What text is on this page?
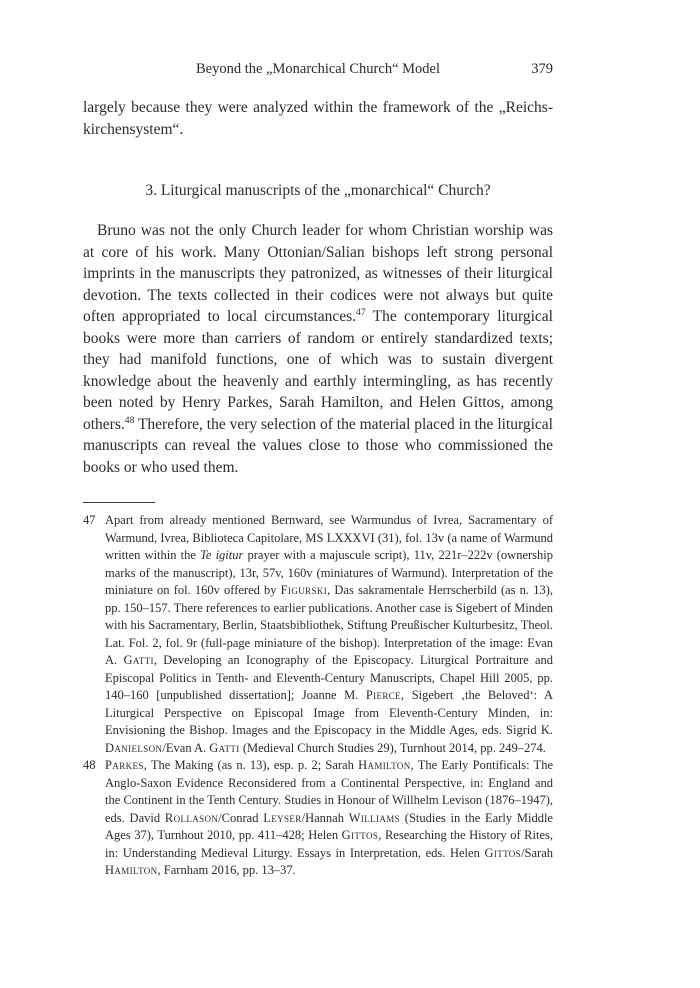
Beyond the „Monarchical Church“ Model	379

largely because they were analyzed within the framework of the „Reichskirchensystem“.

3. Liturgical manuscripts of the „monarchical“ Church?

Bruno was not the only Church leader for whom Christian worship was at core of his work. Many Ottonian/Salian bishops left strong personal imprints in the manuscripts they patronized, as witnesses of their liturgical devotion. The texts collected in their codices were not always but quite often appropriated to local circumstances.$^{47}$ The contemporary liturgical books were more than carriers of random or entirely standardized texts; they had manifold functions, one of which was to sustain divergent knowledge about the heavenly and earthly intermingling, as has recently been noted by Henry Parkes, Sarah Hamilton, and Helen Gittos, among others.$^{48}$ Therefore, the very selection of the material placed in the liturgical manuscripts can reveal the values close to those who commissioned the books or who used them.

47 Apart from already mentioned Bernward, see Warmundus of Ivrea, Sacramentary of Warmund, Ivrea, Biblioteca Capitolare, MS LXXXVI (31), fol. 13v (a name of Warmund written within the Te igitur prayer with a majuscule script), 11v, 221r–222v (ownership marks of the manuscript), 13r, 57v, 160v (miniatures of Warmund). Interpretation of the miniature on fol. 160v offered by Figurski, Das sakramentale Herrscherbild (as n. 13), pp. 150–157. There references to earlier publications. Another case is Sigebert of Minden with his Sacramentary, Berlin, Staatsbibliothek, Stiftung Preußischer Kulturbesitz, Theol. Lat. Fol. 2, fol. 9r (full-page miniature of the bishop). Interpretation of the image: Evan A. Gatti, Developing an Iconography of the Episcopacy. Liturgical Portraiture and Episcopal Politics in Tenth- and Eleventh-Century Manuscripts, Chapel Hill 2005, pp. 140–160 [unpublished dissertation]; Joanne M. Pierce, Sigebert ‚the Beloved‘: A Liturgical Perspective on Episcopal Image from Eleventh-Century Minden, in: Envisioning the Bishop. Images and the Episcopacy in the Middle Ages, eds. Sigrid K. Danielson/Evan A. Gatti (Medieval Church Studies 29), Turnhout 2014, pp. 249–274.
48 Parkes, The Making (as n. 13), esp. p. 2; Sarah Hamilton, The Early Pontificals: The Anglo-Saxon Evidence Reconsidered from a Continental Perspective, in: England and the Continent in the Tenth Century. Studies in Honour of Willhelm Levison (1876–1947), eds. David Rollason/Conrad Leyser/Hannah Williams (Studies in the Early Middle Ages 37), Turnhout 2010, pp. 411–428; Helen Gittos, Researching the History of Rites, in: Understanding Medieval Liturgy. Essays in Interpretation, eds. Helen Gittos/Sarah Hamilton, Farnham 2016, pp. 13–37.
